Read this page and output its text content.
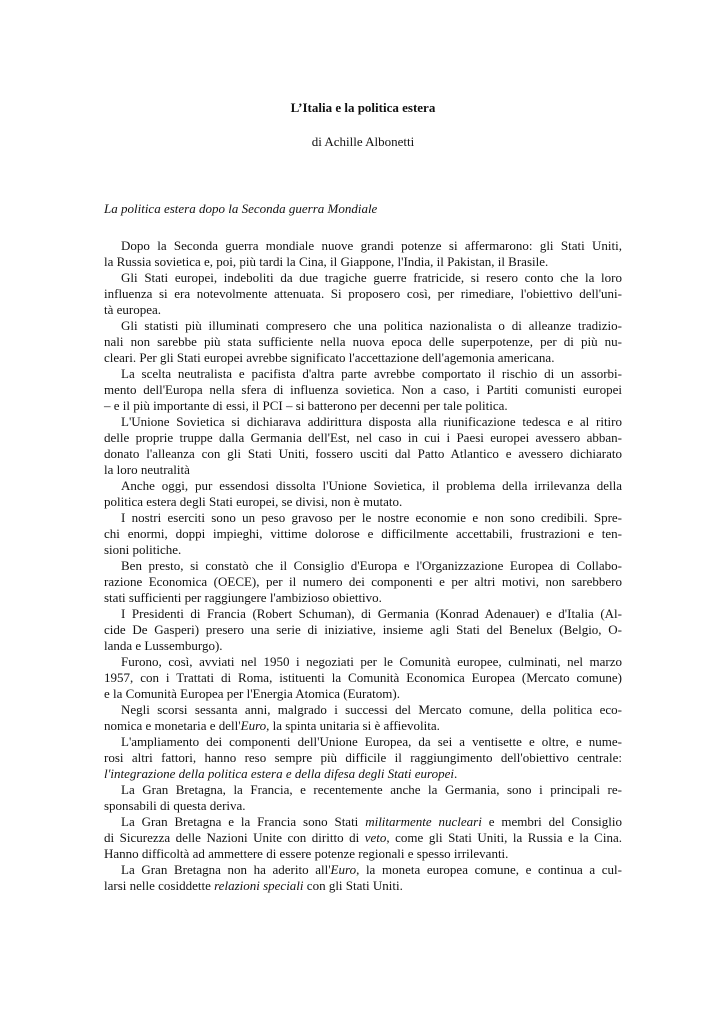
L’Italia e la politica estera
di Achille Albonetti
La politica estera dopo la Seconda guerra Mondiale
Dopo la Seconda guerra mondiale nuove grandi potenze si affermarono: gli Stati Uniti,
la Russia sovietica e, poi, più tardi la Cina, il Giappone, l'India, il Pakistan, il Brasile.
Gli Stati europei, indeboliti da due tragiche guerre fratricide, si resero conto che la loro
influenza si era notevolmente attenuata. Si proposero così, per rimediare, l'obiettivo dell'uni-
tà europea.
Gli statisti più illuminati compresero che una politica nazionalista o di alleanze tradizio-
nali non sarebbe più stata sufficiente nella nuova epoca delle superpotenze, per di più nu-
cleari. Per gli Stati europei avrebbe significato l'accettazione dell'agemonia americana.
La scelta neutralista e pacifista d'altra parte avrebbe comportato il rischio di un assorbi-
mento dell'Europa nella sfera di influenza sovietica. Non a caso, i Partiti comunisti europei
– e il più importante di essi, il PCI – si batterono per decenni per tale politica.
L'Unione Sovietica si dichiarava addirittura disposta alla riunificazione tedesca e al ritiro
delle proprie truppe dalla Germania dell'Est, nel caso in cui i Paesi europei avessero abban-
donato l'alleanza con gli Stati Uniti, fossero usciti dal Patto Atlantico e avessero dichiarato
la loro neutralità
Anche oggi, pur essendosi dissolta l'Unione Sovietica, il problema della irrilevanza della
politica estera degli Stati europei, se divisi, non è mutato.
I nostri eserciti sono un peso gravoso per le nostre economie e non sono credibili. Spre-
chi enormi, doppi impieghi, vittime dolorose e difficilmente accettabili, frustrazioni e ten-
sioni politiche.
Ben presto, si constatò che il Consiglio d'Europa e l'Organizzazione Europea di Collabo-
razione Economica (OECE), per il numero dei componenti e per altri motivi, non sarebbero
stati sufficienti per raggiungere l'ambizioso obiettivo.
I Presidenti di Francia (Robert Schuman), di Germania (Konrad Adenauer) e d'Italia (Al-
cide De Gasperi) presero una serie di iniziative, insieme agli Stati del Benelux (Belgio, O-
landa e Lussemburgo).
Furono, così, avviati nel 1950 i negoziati per le Comunità europee, culminati, nel marzo
1957, con i Trattati di Roma, istituenti la Comunità Economica Europea (Mercato comune)
e la Comunità Europea per l'Energia Atomica (Euratom).
Negli scorsi sessanta anni, malgrado i successi del Mercato comune, della politica eco-
nomica e monetaria e dell'Euro, la spinta unitaria si è affievolita.
L'ampliamento dei componenti dell'Unione Europea, da sei a ventisette e oltre, e nume-
rosi altri fattori, hanno reso sempre più difficile il raggiungimento dell'obiettivo centrale:
l'integrazione della politica estera e della difesa degli Stati europei.
La Gran Bretagna, la Francia, e recentemente anche la Germania, sono i principali re-
sponsabili di questa deriva.
La Gran Bretagna e la Francia sono Stati militarmente nucleari e membri del Consiglio
di Sicurezza delle Nazioni Unite con diritto di veto, come gli Stati Uniti, la Russia e la Cina.
Hanno difficoltà ad ammettere di essere potenze regionali e spesso irrilevanti.
La Gran Bretagna non ha aderito all'Euro, la moneta europea comune, e continua a cul-
larsi nelle cosiddette relazioni speciali con gli Stati Uniti.
